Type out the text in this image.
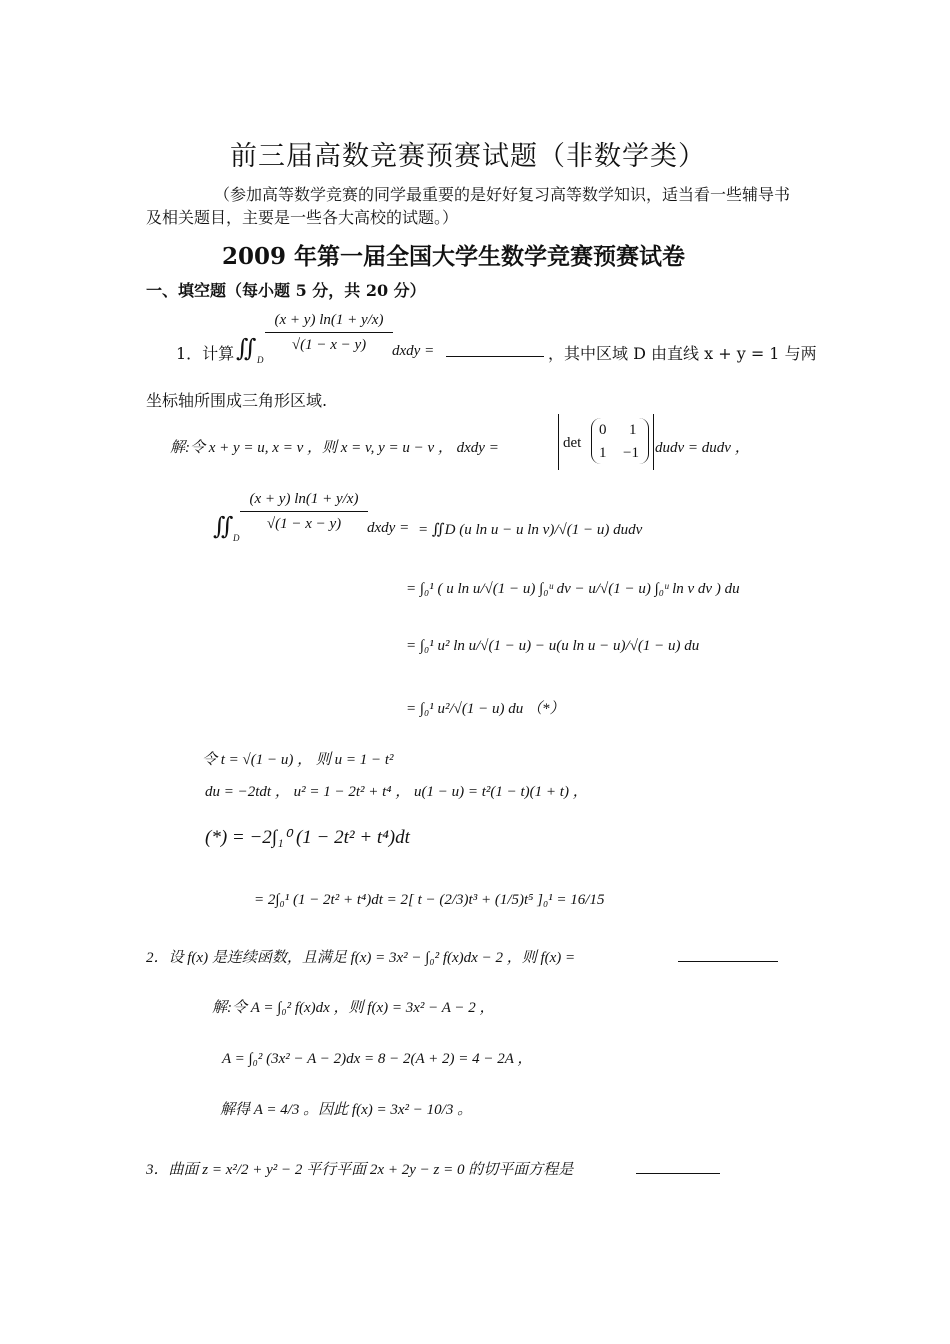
前三届高数竞赛预赛试题（非数学类）
（参加高等数学竞赛的同学最重要的是好好复习高等数学知识，适当看一些辅导书
及相关题目，主要是一些各大高校的试题。）
2009 年第一届全国大学生数学竞赛预赛试卷
一、填空题（每小题 5 分，共 20 分）
1．计算 ∬ D
$\frac{(x + y) \ln(1 + y/x)}{√(1 - x - y)}$ dxdy =	，其中区域 D 由直线 x + y = 1 与两
坐标轴所围成三角形区域.
解:令 x + y = u, x = v ，则 x = v, y = u − v ， dxdy =	det
0 1
1 −1 dudv = dudv ，
∬ D
$\frac{(x + y) \ln(1 + y/x)}{√(1 - x - y)}$ dxdy = = ∬D (u ln u − u ln v)/√(1 − u) dudv
= ∫₀¹ ( u ln u/√(1 − u) ∫₀ᵘ dv − u/√(1 − u) ∫₀ᵘ ln v dv ) du
= ∫₀¹ u² ln u/√(1 − u) − u(u ln u − u)/√(1 − u) du
= ∫₀¹ u²/√(1 − u) du （*）
令 t = √(1 − u) ， 则 u = 1 − t²
du = −2tdt ， u² = 1 − 2t² + t⁴ ， u(1 − u) = t²(1 − t)(1 + t) ，
(*) = −2∫₁⁰ (1 − 2t² + t⁴)dt
= 2∫₀¹ (1 − 2t² + t⁴)dt = 2[ t − (2/3)t³ + (1/5)t⁵ ]₀¹ = 16/15
2．设 f(x) 是连续函数，且满足 f(x) = 3x² − ∫₀² f(x)dx − 2 ，则 f(x) =
解:令 A = ∫₀² f(x)dx ，则 f(x) = 3x² − A − 2 ，
A = ∫₀² (3x² − A − 2)dx = 8 − 2(A + 2) = 4 − 2A ，
解得 A = 4/3 。因此 f(x) = 3x² − 10/3 。
3．曲面 z = x²/2 + y² − 2 平行平面 2x + 2y − z = 0 的切平面方程是
